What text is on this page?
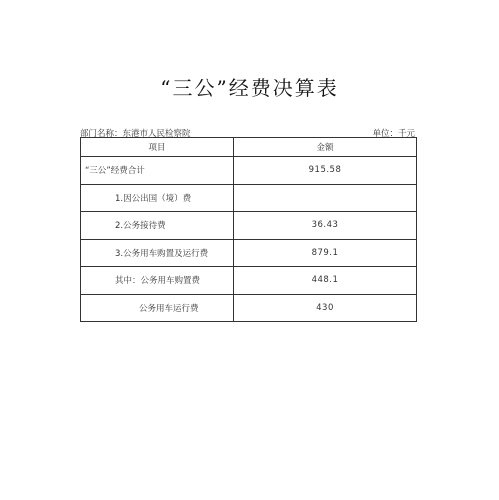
“三公”经费决算表
部门名称：东港市人民检察院	单位：千元
项目	金额
“三公”经费合计	915.58
1.因公出国（境）费	
2.公务接待费	36.43
3.公务用车购置及运行费	879.1
其中：公务用车购置费	448.1
公务用车运行费	430
